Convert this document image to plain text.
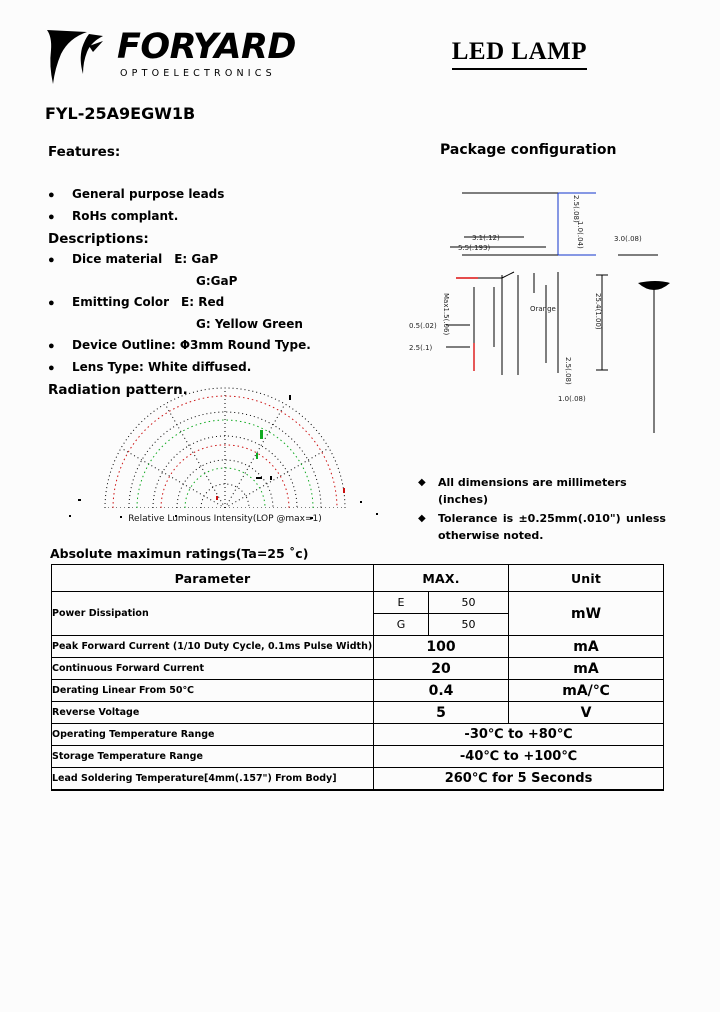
FORYARD
OPTOELECTRONICS
LED LAMP
FYL-25A9EGW1B
Features:
●	General purpose leads
●	RoHs complant.
Descriptions:
●	Dice material E: GaP
G:GaP
●	Emitting Color E: Red
G: Yellow Green
●	Device Outline: Φ3mm Round Type.
●	Lens Type: White diffused.
Radiation pattern.
Relative Luminous Intensity(LOP @max=1)
Package configuration
3.1(.12)
5.5(.193)
3.0(.08)
0.5(.02)
2.5(.1)
Orange
1.0(.08)
2.5(.08)
1.0(.04)
Max1.5(.06)	25.4(1.00)
2.5(.08)
◆	All dimensions are millimeters (inches)
◆	Tolerance is ±0.25mm(.010") unless
otherwise noted.
Absolute maximun ratings(Ta=25 ˚c)
Parameter	MAX.		Unit
Power Dissipation	E	50	mW
	G	50	
Peak Forward Current (1/10 Duty Cycle, 0.1ms Pulse Width)	100		mA
Continuous Forward Current	20		mA
Derating Linear From 50℃	0.4		mA/℃
Reverse Voltage	5		V
Operating Temperature Range	-30℃ to +80℃		
Storage Temperature Range	-40℃ to +100℃		
Lead Soldering Temperature[4mm(.157") From Body]	260℃ for 5 Seconds		
